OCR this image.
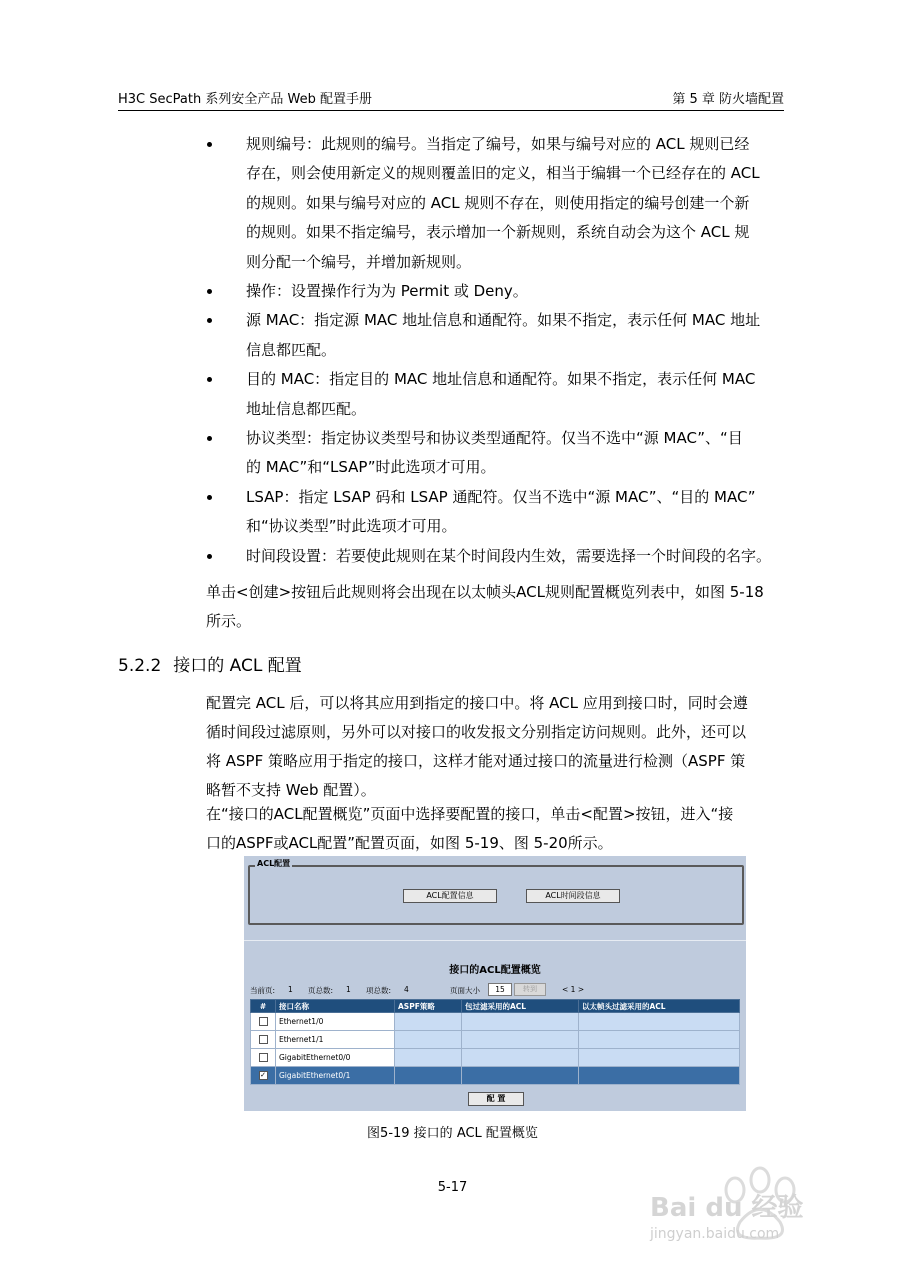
H3C SecPath 系列安全产品 Web 配置手册	第 5 章 防火墙配置
规则编号：此规则的编号。当指定了编号，如果与编号对应的 ACL 规则已经
存在，则会使用新定义的规则覆盖旧的定义，相当于编辑一个已经存在的 ACL
的规则。如果与编号对应的 ACL 规则不存在，则使用指定的编号创建一个新
的规则。如果不指定编号，表示增加一个新规则，系统自动会为这个 ACL 规
则分配一个编号，并增加新规则。
操作：设置操作行为为 Permit 或 Deny。
源 MAC：指定源 MAC 地址信息和通配符。如果不指定，表示任何 MAC 地址
信息都匹配。
目的 MAC：指定目的 MAC 地址信息和通配符。如果不指定，表示任何 MAC
地址信息都匹配。
协议类型：指定协议类型号和协议类型通配符。仅当不选中“源 MAC”、“目
的 MAC”和“LSAP”时此选项才可用。
LSAP：指定 LSAP 码和 LSAP 通配符。仅当不选中“源 MAC”、“目的 MAC”
和“协议类型”时此选项才可用。
时间段设置：若要使此规则在某个时间段内生效，需要选择一个时间段的名字。
单击<创建>按钮后此规则将会出现在以太帧头ACL规则配置概览列表中，如图 5-18
所示。
5.2.2 接口的 ACL 配置
配置完 ACL 后，可以将其应用到指定的接口中。将 ACL 应用到接口时，同时会遵
循时间段过滤原则，另外可以对接口的收发报文分别指定访问规则。此外，还可以
将 ASPF 策略应用于指定的接口，这样才能对通过接口的流量进行检测（ASPF 策
略暂不支持 Web 配置）。
在“接口的ACL配置概览”页面中选择要配置的接口，单击<配置>按钮，进入“接
口的ASPF或ACL配置”配置页面，如图 5-19、图 5-20所示。
ACL配置
ACL配置信息	ACL时间段信息
接口的ACL配置概览
当前页: 1 页总数: 1 项总数: 4	页面大小	15	转到	< 1 >
#	接口名称	ASPF策略	包过滤采用的ACL	以太帧头过滤采用的ACL
	Ethernet1/0			
	Ethernet1/1			
	GigabitEthernet0/0			
✓	GigabitEthernet0/1			
配 置
图5-19 接口的 ACL 配置概览
5-17
Bai du 经验
jingyan.baidu.com
